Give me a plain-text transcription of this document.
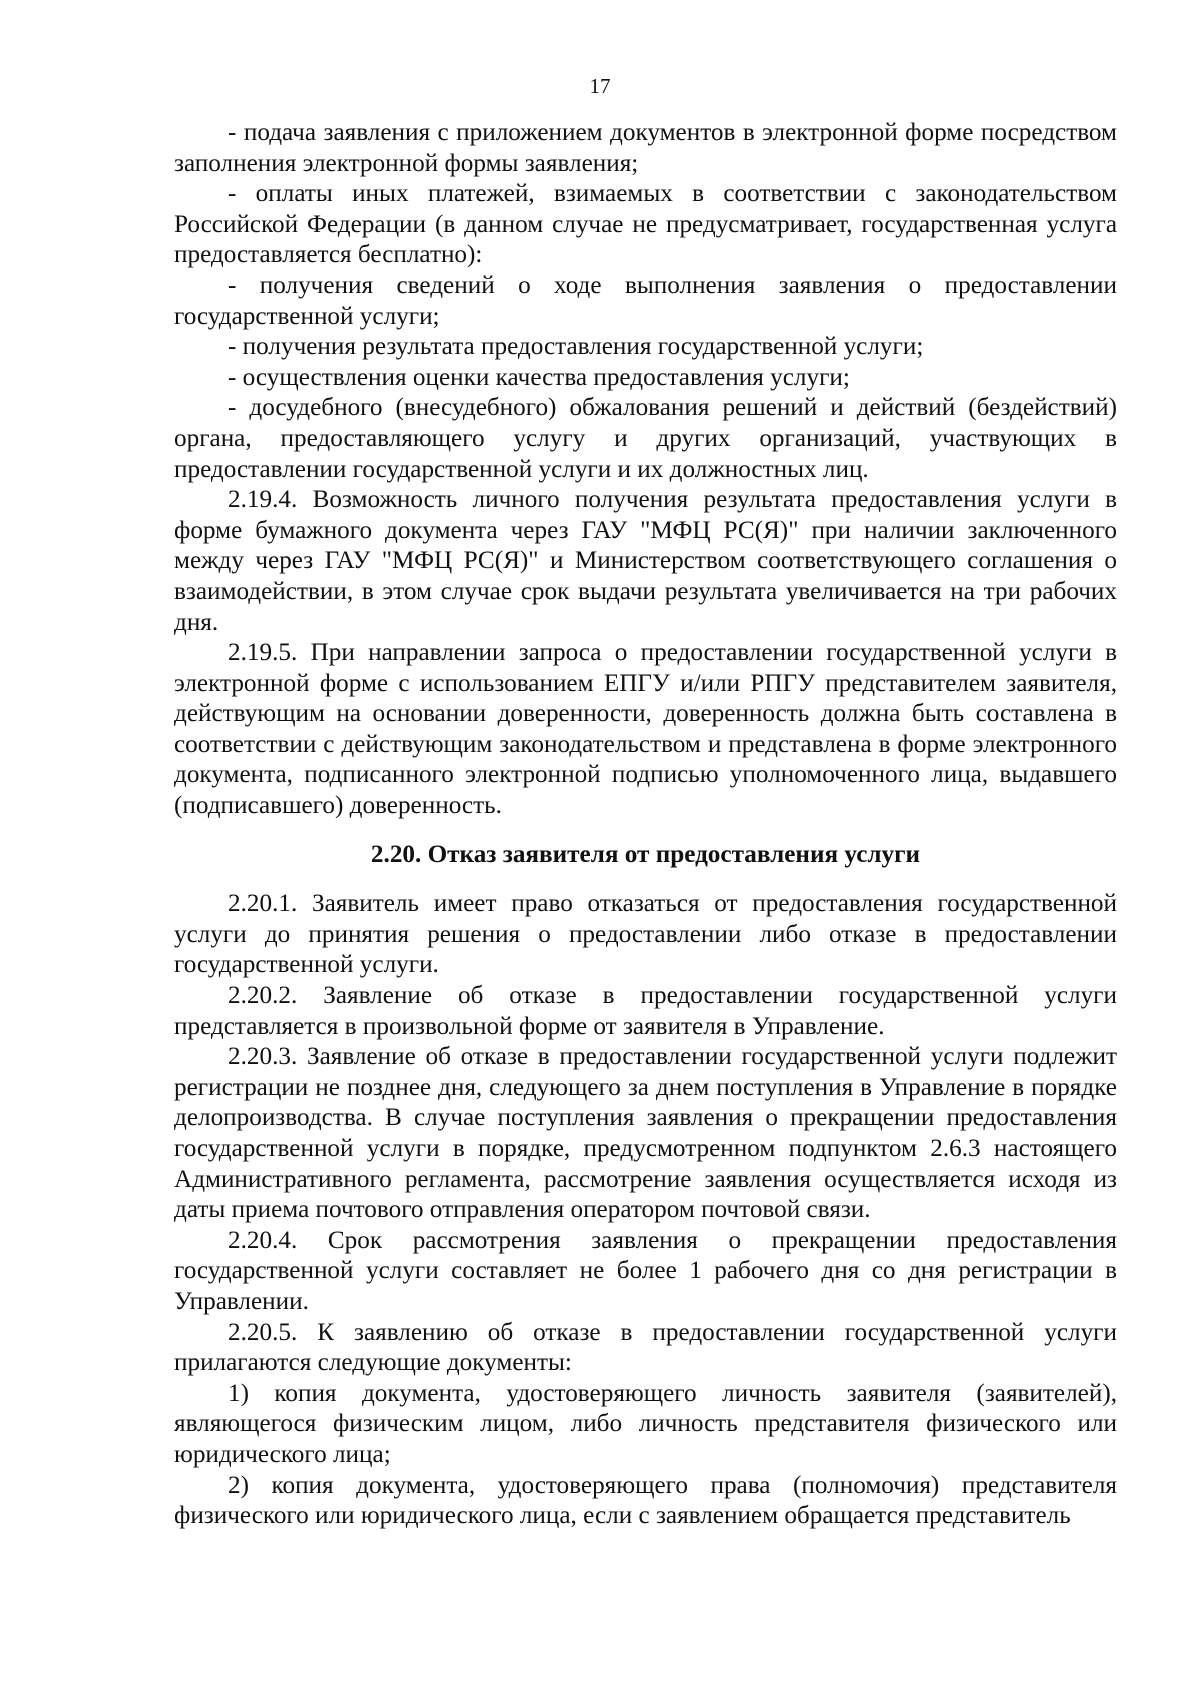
17

- подача заявления с приложением документов в электронной форме посредством заполнения электронной формы заявления;

- оплаты иных платежей, взимаемых в соответствии с законодательством Российской Федерации (в данном случае не предусматривает, государственная услуга предоставляется бесплатно):

- получения сведений о ходе выполнения заявления о предоставлении государственной услуги;

- получения результата предоставления государственной услуги;

- осуществления оценки качества предоставления услуги;

- досудебного (внесудебного) обжалования решений и действий (бездействий) органа, предоставляющего услугу и других организаций, участвующих в предоставлении государственной услуги и их должностных лиц.

2.19.4. Возможность личного получения результата предоставления услуги в форме бумажного документа через ГАУ "МФЦ РС(Я)" при наличии заключенного между через ГАУ "МФЦ РС(Я)" и Министерством соответствующего соглашения о взаимодействии, в этом случае срок выдачи результата увеличивается на три рабочих дня.

2.19.5. При направлении запроса о предоставлении государственной услуги в электронной форме с использованием ЕПГУ и/или РПГУ представителем заявителя, действующим на основании доверенности, доверенность должна быть составлена в соответствии с действующим законодательством и представлена в форме электронного документа, подписанного электронной подписью уполномоченного лица, выдавшего (подписавшего) доверенность.

2.20. Отказ заявителя от предоставления услуги

2.20.1. Заявитель имеет право отказаться от предоставления государственной услуги до принятия решения о предоставлении либо отказе в предоставлении государственной услуги.

2.20.2. Заявление об отказе в предоставлении государственной услуги представляется в произвольной форме от заявителя в Управление.

2.20.3. Заявление об отказе в предоставлении государственной услуги подлежит регистрации не позднее дня, следующего за днем поступления в Управление в порядке делопроизводства. В случае поступления заявления о прекращении предоставления государственной услуги в порядке, предусмотренном подпунктом 2.6.3 настоящего Административного регламента, рассмотрение заявления осуществляется исходя из даты приема почтового отправления оператором почтовой связи.

2.20.4. Срок рассмотрения заявления о прекращении предоставления государственной услуги составляет не более 1 рабочего дня со дня регистрации в Управлении.

2.20.5. К заявлению об отказе в предоставлении государственной услуги прилагаются следующие документы:

1) копия документа, удостоверяющего личность заявителя (заявителей), являющегося физическим лицом, либо личность представителя физического или юридического лица;

2) копия документа, удостоверяющего права (полномочия) представителя физического или юридического лица, если с заявлением обращается представитель
